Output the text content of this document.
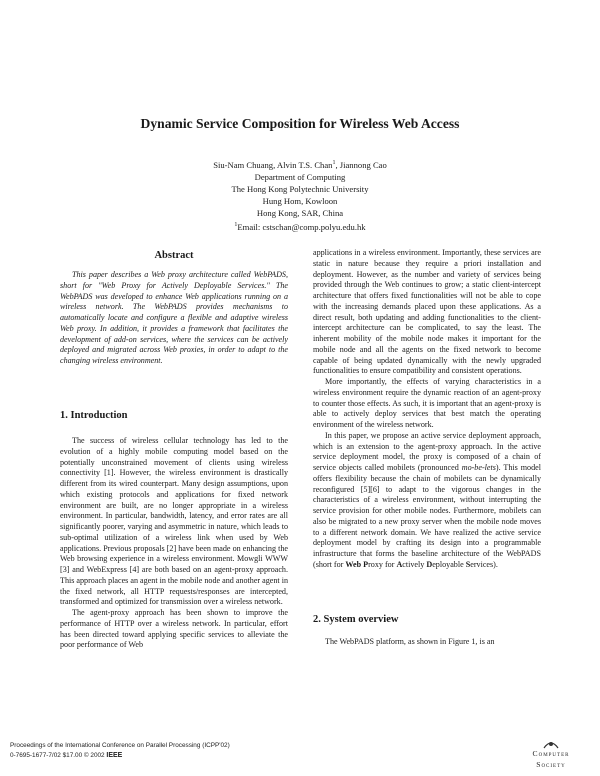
Dynamic Service Composition for Wireless Web Access
Siu-Nam Chuang, Alvin T.S. Chan$^1$, Jiannong Cao
Department of Computing
The Hong Kong Polytechnic University
Hung Hom, Kowloon
Hong Kong, SAR, China
$^1$Email: cstschan@comp.polyu.edu.hk
Abstract

This paper describes a Web proxy architecture called WebPADS, short for "Web Proxy for Actively Deployable Services." The WebPADS was developed to enhance Web applications running on a wireless network. The WebPADS provides mechanisms to automatically locate and configure a flexible and adaptive wireless Web proxy. In addition, it provides a framework that facilitates the development of add-on services, where the services can be actively deployed and migrated across Web proxies, in order to adapt to the changing wireless environment.

1. Introduction

The success of wireless cellular technology has led to the evolution of a highly mobile computing model based on the potentially unconstrained movement of clients using wireless connectivity [1]. However, the wireless environment is drastically different from its wired counterpart. Many design assumptions, upon which existing protocols and applications for fixed network environment are built, are no longer appropriate in a wireless environment. In particular, bandwidth, latency, and error rates are all significantly poorer, varying and asymmetric in nature, which leads to sub-optimal utilization of a wireless link when used by Web applications. Previous proposals [2] have been made on enhancing the Web browsing experience in a wireless environment. Mowgli WWW [3] and WebExpress [4] are both based on an agent-proxy approach. This approach places an agent in the mobile node and another agent in the fixed network, all HTTP requests/responses are intercepted, transformed and optimized for transmission over a wireless network.

The agent-proxy approach has been shown to improve the performance of HTTP over a wireless network. In particular, effort has been directed toward applying specific services to alleviate the poor performance of Web

applications in a wireless environment. Importantly, these services are static in nature because they require a priori installation and deployment. However, as the number and variety of services being provided through the Web continues to grow; a static client-intercept architecture that offers fixed functionalities will not be able to cope with the increasing demands placed upon these applications. As a direct result, both updating and adding functionalities to the client-intercept architecture can be complicated, to say the least. The inherent mobility of the mobile node makes it important for the mobile node and all the agents on the fixed network to become capable of being updated dynamically with the newly upgraded functionalities to ensure compatibility and consistent operations.

More importantly, the effects of varying characteristics in a wireless environment require the dynamic reaction of an agent-proxy to counter those effects. As such, it is important that an agent-proxy is able to actively deploy services that best match the operating environment of the wireless network.

In this paper, we propose an active service deployment approach, which is an extension to the agent-proxy approach. In the active service deployment model, the proxy is composed of a chain of service objects called mobilets (pronounced mo-be-lets). This model offers flexibility because the chain of mobilets can be dynamically reconfigured [5][6] to adapt to the vigorous changes in the characteristics of a wireless environment, without interrupting the service provision for other mobile nodes. Furthermore, mobilets can also be migrated to a new proxy server when the mobile node moves to a different network domain. We have realized the active service deployment model by crafting its design into a programmable infrastructure that forms the baseline architecture of the WebPADS (short for Web Proxy for Actively Deployable Services).

2. System overview

The WebPADS platform, as shown in Figure 1, is an

Proceedings of the International Conference on Parallel Processing (ICPP'02)
0-7695-1677-7/02 $17.00 © 2002 IEEE	Computer
Society
